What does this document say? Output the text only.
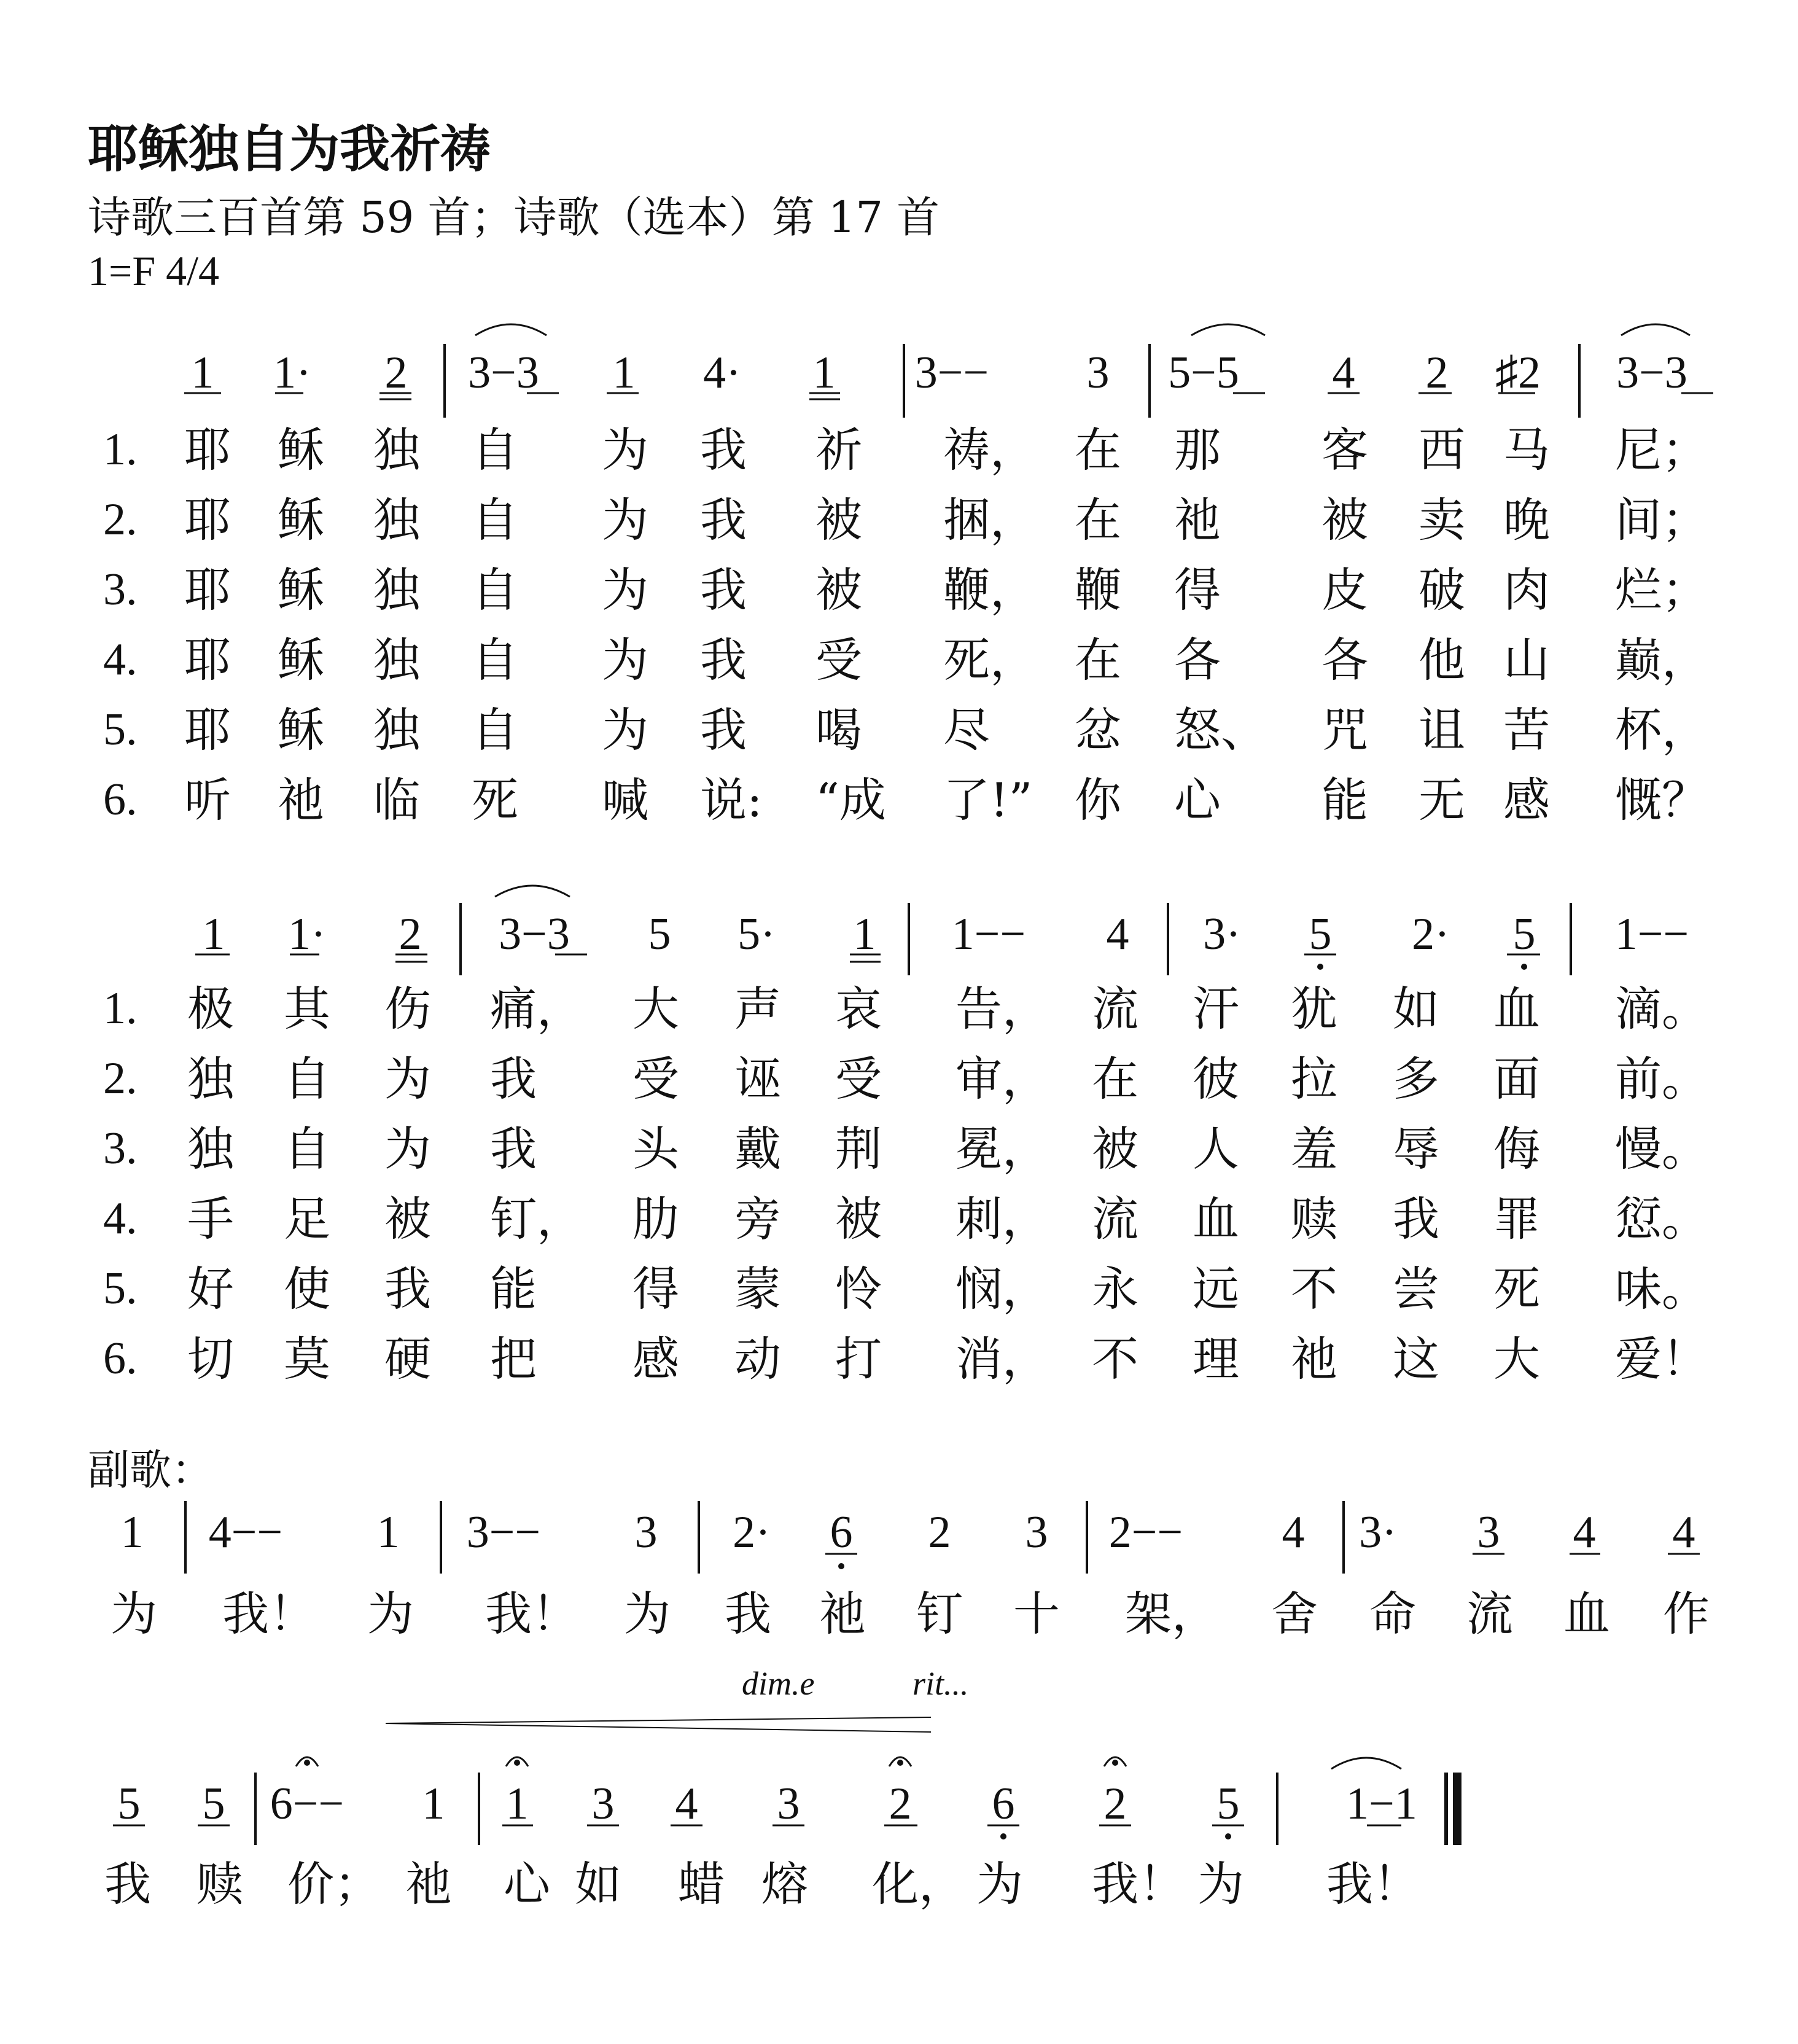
耶稣独自为我祈祷
诗歌三百首第 59 首；诗歌（选本）第 17 首
1=F 4/4
副歌：
dim.e	rit...
1 1· 2 3−3 1 4· 1 3−− 3 5−5 4 2 ♯2 3−3
1.
2.
3.
4.
5.
6.
耶 稣 独 自 为 我 祈 祷， 在 那 客 西 马 尼；
耶 稣 独 自 为 我 被 捆， 在 祂 被 卖 晚 间；
耶 稣 独 自 为 我 被 鞭， 鞭 得 皮 破 肉 烂；
耶 稣 独 自 为 我 受 死， 在 各 各 他 山 巅，
耶 稣 独 自 为 我 喝 尽 忿 怒、 咒 诅 苦 杯，
听 祂 临 死 喊 说: “成 了!” 你 心 能 无 感 慨？
1 1· 2 3−3 5 5· 1 1−− 4 3· 5 2· 5 1−−
1.
2.
3.
4.
5.
6.
极 其 伤 痛， 大 声 哀 告， 流 汗 犹 如 血 滴。
独 自 为 我 受 诬 受 审， 在 彼 拉 多 面 前。
独 自 为 我 头 戴 荆 冕， 被 人 羞 辱 侮 慢。
手 足 被 钉， 肋 旁 被 刺， 流 血 赎 我 罪 愆。
好 使 我 能 得 蒙 怜 悯， 永 远 不 尝 死 味。
切 莫 硬 把 感 动 打 消， 不 理 祂 这 大 爱！
1 4−− 1 3−− 3 2· 6 2 3 2−− 4 3· 3 4 4
为 我！ 为 我！ 为 我 祂 钉 十 架， 舍 命 流 血 作
5 5 6−− 1 1 3 4 3 2 6 2 5 1−1
我 赎 价； 祂 心 如 蜡 熔 化， 为 我！ 为 我！
